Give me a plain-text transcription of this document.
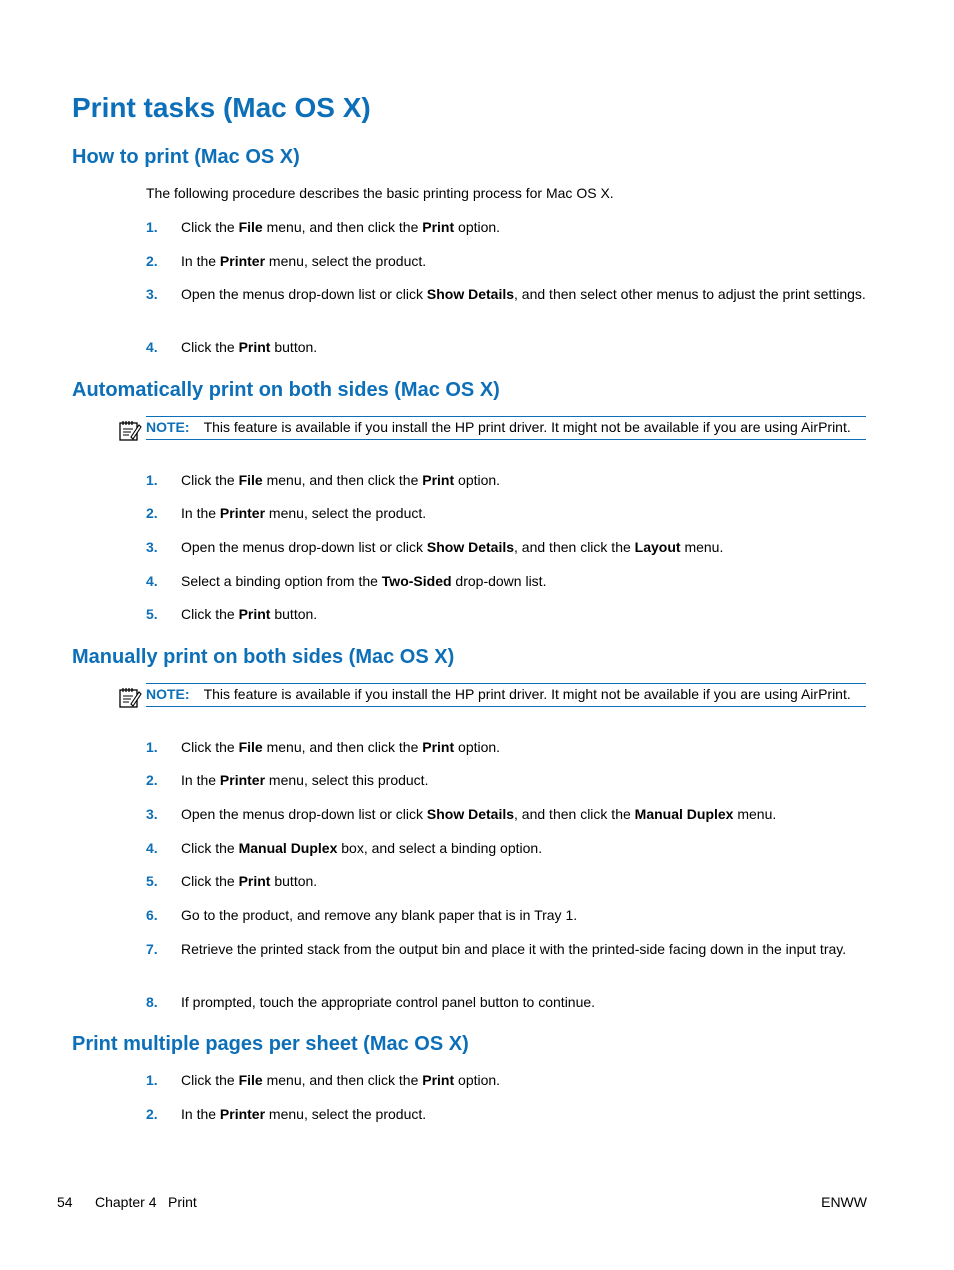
Print tasks (Mac OS X)
How to print (Mac OS X)

The following procedure describes the basic printing process for Mac OS X.

1. Click the File menu, and then click the Print option.
2. In the Printer menu, select the product.
3. Open the menus drop-down list or click Show Details, and then select other menus to adjust the print settings.
4. Click the Print button.
Automatically print on both sides (Mac OS X)
NOTE: This feature is available if you install the HP print driver. It might not be available if you are using AirPrint.
1. Click the File menu, and then click the Print option.
2. In the Printer menu, select the product.
3. Open the menus drop-down list or click Show Details, and then click the Layout menu.
4. Select a binding option from the Two-Sided drop-down list.
5. Click the Print button.
Manually print on both sides (Mac OS X)
NOTE: This feature is available if you install the HP print driver. It might not be available if you are using AirPrint.
1. Click the File menu, and then click the Print option.
2. In the Printer menu, select this product.
3. Open the menus drop-down list or click Show Details, and then click the Manual Duplex menu.
4. Click the Manual Duplex box, and select a binding option.
5. Click the Print button.
6. Go to the product, and remove any blank paper that is in Tray 1.
7. Retrieve the printed stack from the output bin and place it with the printed-side facing down in the input tray.
8. If prompted, touch the appropriate control panel button to continue.
Print multiple pages per sheet (Mac OS X)
1. Click the File menu, and then click the Print option.
2. In the Printer menu, select the product.
54 Chapter 4 Print	ENWW
